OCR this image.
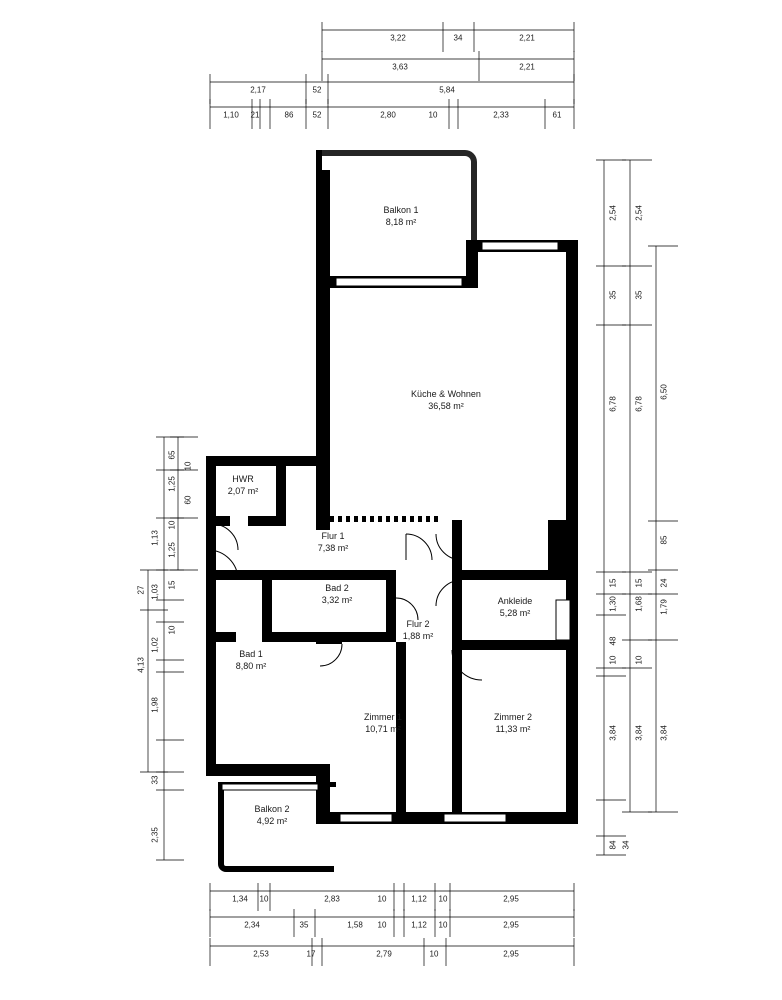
Balkon 1
8,18 m²
Küche & Wohnen
36,58 m²
HWR
2,07 m²
Flur 1
7,38 m²
Bad 2
3,32 m²
Flur 2
1,88 m²
Ankleide
5,28 m²
Bad 1
8,80 m²
Zimmer 1
10,71 m²
Zimmer 2
11,33 m²
Balkon 2
4,92 m²
3,22	34	2,21
3,63	2,21
2,17	52	5,84
1,10 21	86 52	2,80	10	2,33	61
2,54 2,54
35 35
6,50
6,78 6,78
85
15 15 24
1,30 1,68 1,79
48
10 10
3,84 3,84 3,84
84 34
65
1,25
10
60
1,13
10
1,25
27 1,03 15
1,02
10
4,13
1,98
33
2,35
1,34 10	2,83	10	1,12 10	2,95
2,34	35	1,58 10	1,12 10	2,95
2,53	17	2,79	10	2,95
